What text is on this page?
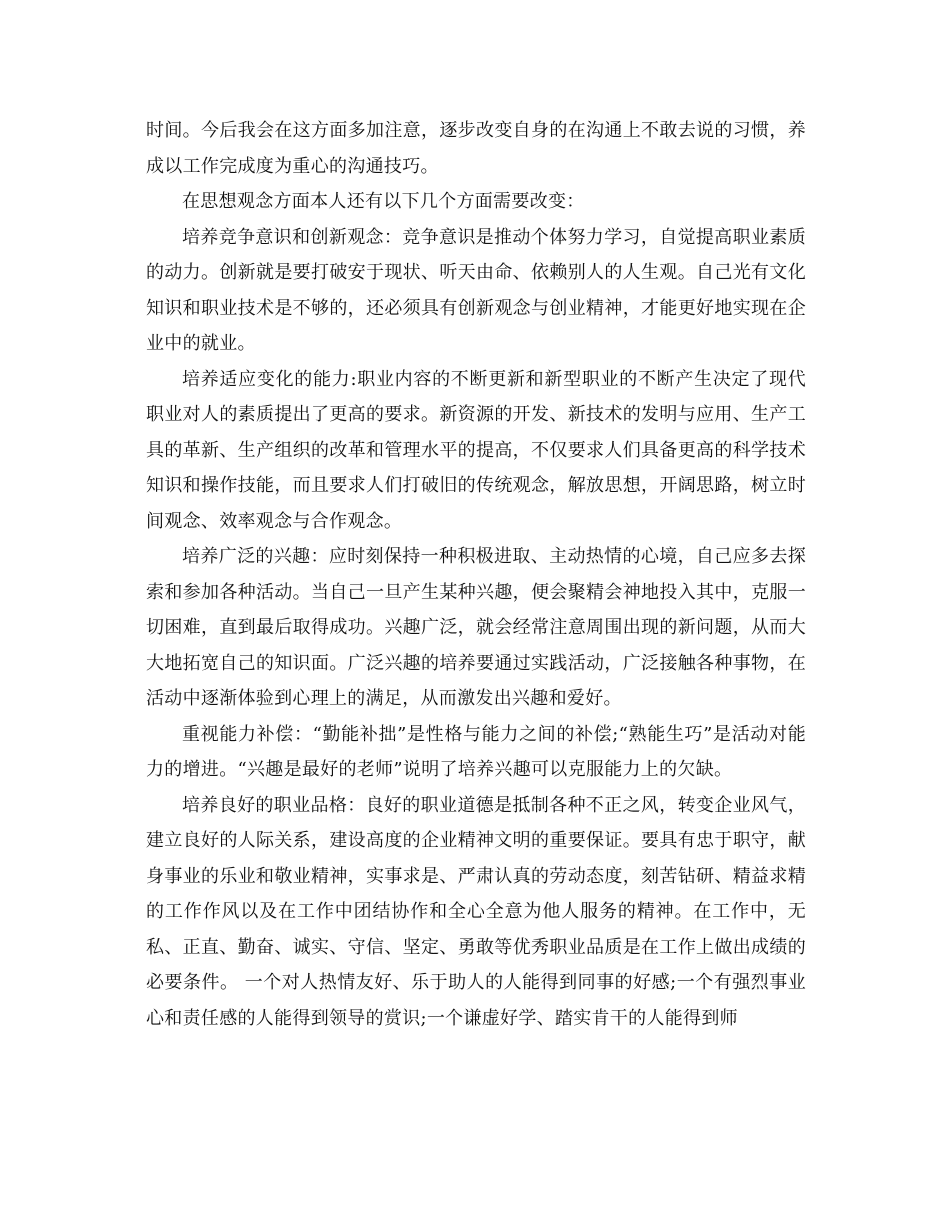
时间。今后我会在这方面多加注意，逐步改变自身的在沟通上不敢去说的习惯，养成以工作完成度为重心的沟通技巧。

在思想观念方面本人还有以下几个方面需要改变：

培养竞争意识和创新观念：竞争意识是推动个体努力学习，自觉提高职业素质的动力。创新就是要打破安于现状、听天由命、依赖别人的人生观。自己光有文化知识和职业技术是不够的，还必须具有创新观念与创业精神，才能更好地实现在企业中的就业。

培养适应变化的能力:职业内容的不断更新和新型职业的不断产生决定了现代职业对人的素质提出了更高的要求。新资源的开发、新技术的发明与应用、生产工具的革新、生产组织的改革和管理水平的提高，不仅要求人们具备更高的科学技术知识和操作技能，而且要求人们打破旧的传统观念，解放思想，开阔思路，树立时间观念、效率观念与合作观念。

培养广泛的兴趣：应时刻保持一种积极进取、主动热情的心境，自己应多去探索和参加各种活动。当自己一旦产生某种兴趣，便会聚精会神地投入其中，克服一切困难，直到最后取得成功。兴趣广泛，就会经常注意周围出现的新问题，从而大大地拓宽自己的知识面。广泛兴趣的培养要通过实践活动，广泛接触各种事物，在活动中逐渐体验到心理上的满足，从而激发出兴趣和爱好。

重视能力补偿：“勤能补拙”是性格与能力之间的补偿;“熟能生巧”是活动对能力的增进。“兴趣是最好的老师”说明了培养兴趣可以克服能力上的欠缺。

培养良好的职业品格：良好的职业道德是抵制各种不正之风，转变企业风气，建立良好的人际关系，建设高度的企业精神文明的重要保证。要具有忠于职守，献身事业的乐业和敬业精神，实事求是、严肃认真的劳动态度，刻苦钻研、精益求精的工作作风以及在工作中团结协作和全心全意为他人服务的精神。在工作中，无私、正直、勤奋、诚实、守信、坚定、勇敢等优秀职业品质是在工作上做出成绩的必要条件。 一个对人热情友好、乐于助人的人能得到同事的好感;一个有强烈事业心和责任感的人能得到领导的赏识;一个谦虚好学、踏实肯干的人能得到师
